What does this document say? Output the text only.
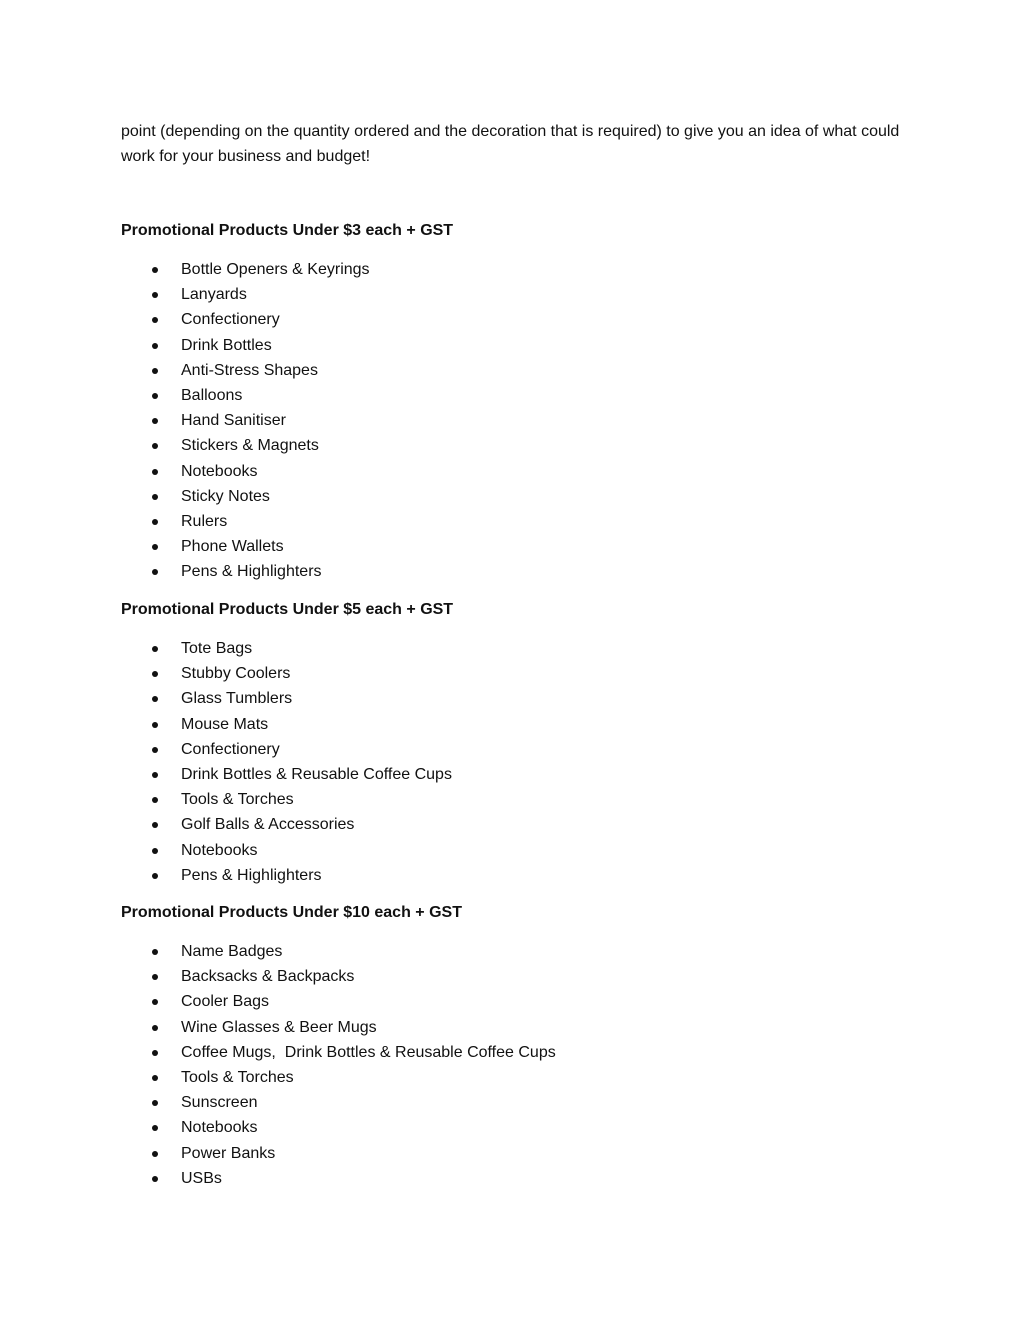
point (depending on the quantity ordered and the decoration that is required) to give you an idea of what could work for your business and budget!

Promotional Products Under $3 each + GST
Bottle Openers & Keyrings
Lanyards
Confectionery
Drink Bottles
Anti-Stress Shapes
Balloons
Hand Sanitiser
Stickers & Magnets
Notebooks
Sticky Notes
Rulers
Phone Wallets
Pens & Highlighters
Promotional Products Under $5 each + GST
Tote Bags
Stubby Coolers
Glass Tumblers
Mouse Mats
Confectionery
Drink Bottles & Reusable Coffee Cups
Tools & Torches
Golf Balls & Accessories
Notebooks
Pens & Highlighters
Promotional Products Under $10 each + GST
Name Badges
Backsacks & Backpacks
Cooler Bags
Wine Glasses & Beer Mugs
Coffee Mugs,  Drink Bottles & Reusable Coffee Cups
Tools & Torches
Sunscreen
Notebooks
Power Banks
USBs
